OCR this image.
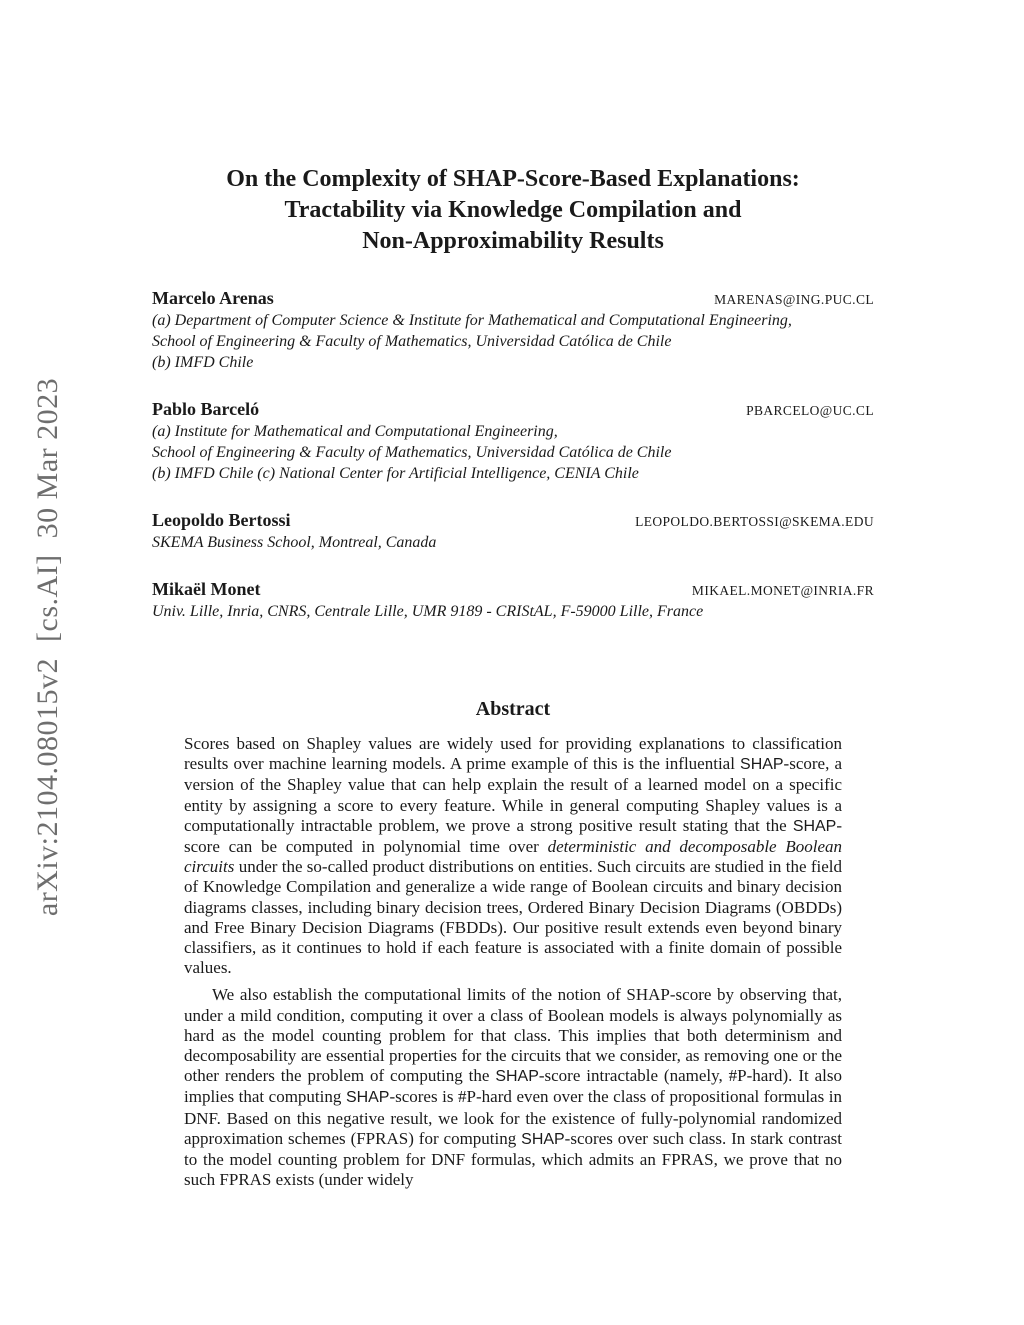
arXiv:2104.08015v2  [cs.AI]  30 Mar 2023
On the Complexity of SHAP-Score-Based Explanations:
Tractability via Knowledge Compilation and
Non-Approximability Results
Marcelo Arenas	MARENAS@ING.PUC.CL
(a) Department of Computer Science & Institute for Mathematical and Computational Engineering,
School of Engineering & Faculty of Mathematics, Universidad Católica de Chile
(b) IMFD Chile
Pablo Barceló	PBARCELO@UC.CL
(a) Institute for Mathematical and Computational Engineering,
School of Engineering & Faculty of Mathematics, Universidad Católica de Chile
(b) IMFD Chile (c) National Center for Artificial Intelligence, CENIA Chile
Leopoldo Bertossi	LEOPOLDO.BERTOSSI@SKEMA.EDU
SKEMA Business School, Montreal, Canada
Mikaël Monet	MIKAEL.MONET@INRIA.FR
Univ. Lille, Inria, CNRS, Centrale Lille, UMR 9189 - CRIStAL, F-59000 Lille, France
Abstract

Scores based on Shapley values are widely used for providing explanations to classification results over machine learning models. A prime example of this is the influential SHAP-score, a version of the Shapley value that can help explain the result of a learned model on a specific entity by assigning a score to every feature. While in general computing Shapley values is a computationally intractable problem, we prove a strong positive result stating that the SHAP-score can be computed in polynomial time over deterministic and decomposable Boolean circuits under the so-called product distributions on entities. Such circuits are studied in the field of Knowledge Compilation and generalize a wide range of Boolean circuits and binary decision diagrams classes, including binary decision trees, Ordered Binary Decision Diagrams (OBDDs) and Free Binary Decision Diagrams (FBDDs). Our positive result extends even beyond binary classifiers, as it continues to hold if each feature is associated with a finite domain of possible values.

We also establish the computational limits of the notion of SHAP-score by observing that, under a mild condition, computing it over a class of Boolean models is always polynomially as hard as the model counting problem for that class. This implies that both determinism and decomposability are essential properties for the circuits that we consider, as removing one or the other renders the problem of computing the SHAP-score intractable (namely, #P-hard). It also implies that computing SHAP-scores is #P-hard even over the class of propositional formulas in DNF. Based on this negative result, we look for the existence of fully-polynomial randomized approximation schemes (FPRAS) for computing SHAP-scores over such class. In stark contrast to the model counting problem for DNF formulas, which admits an FPRAS, we prove that no such FPRAS exists (under widely
